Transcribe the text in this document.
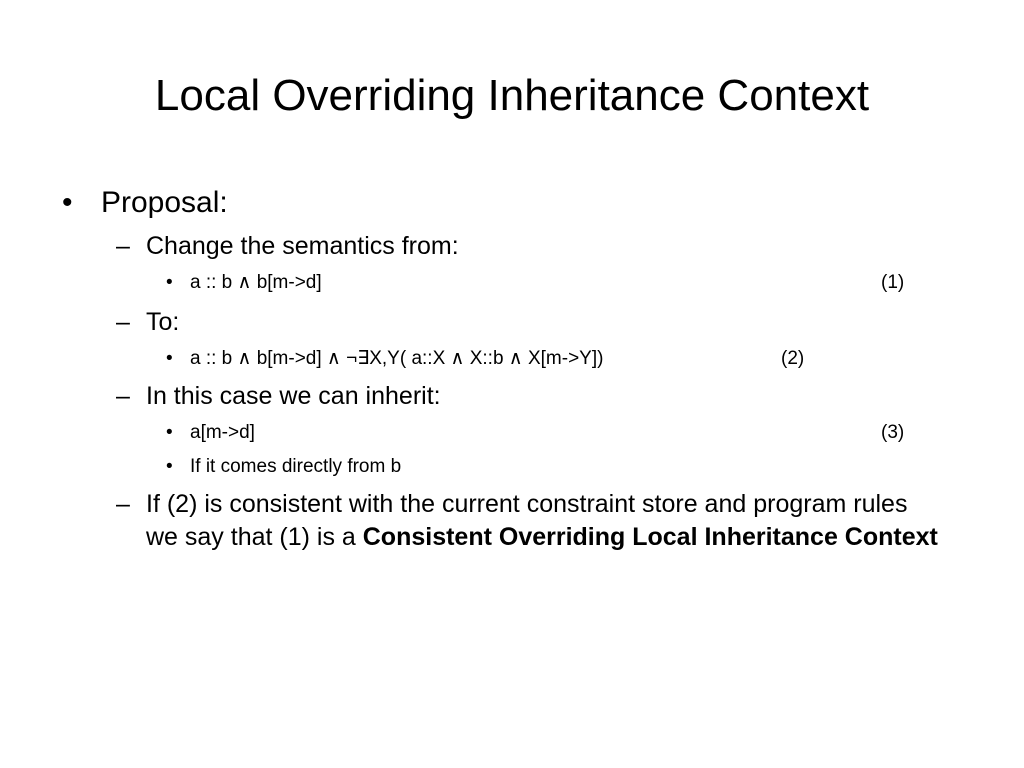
Local Overriding Inheritance Context
• Proposal:
– Change the semantics from:
• a :: b ∧ b[m->d]	(1)
– To:
• a :: b ∧ b[m->d] ∧ ¬∃X,Y( a::X ∧ X::b ∧ X[m->Y])	(2)
– In this case we can inherit:
• a[m->d]	(3)
• If it comes directly from b
– If (2) is consistent with the current constraint store and program rules we say that (1) is a Consistent Overriding Local Inheritance Context
